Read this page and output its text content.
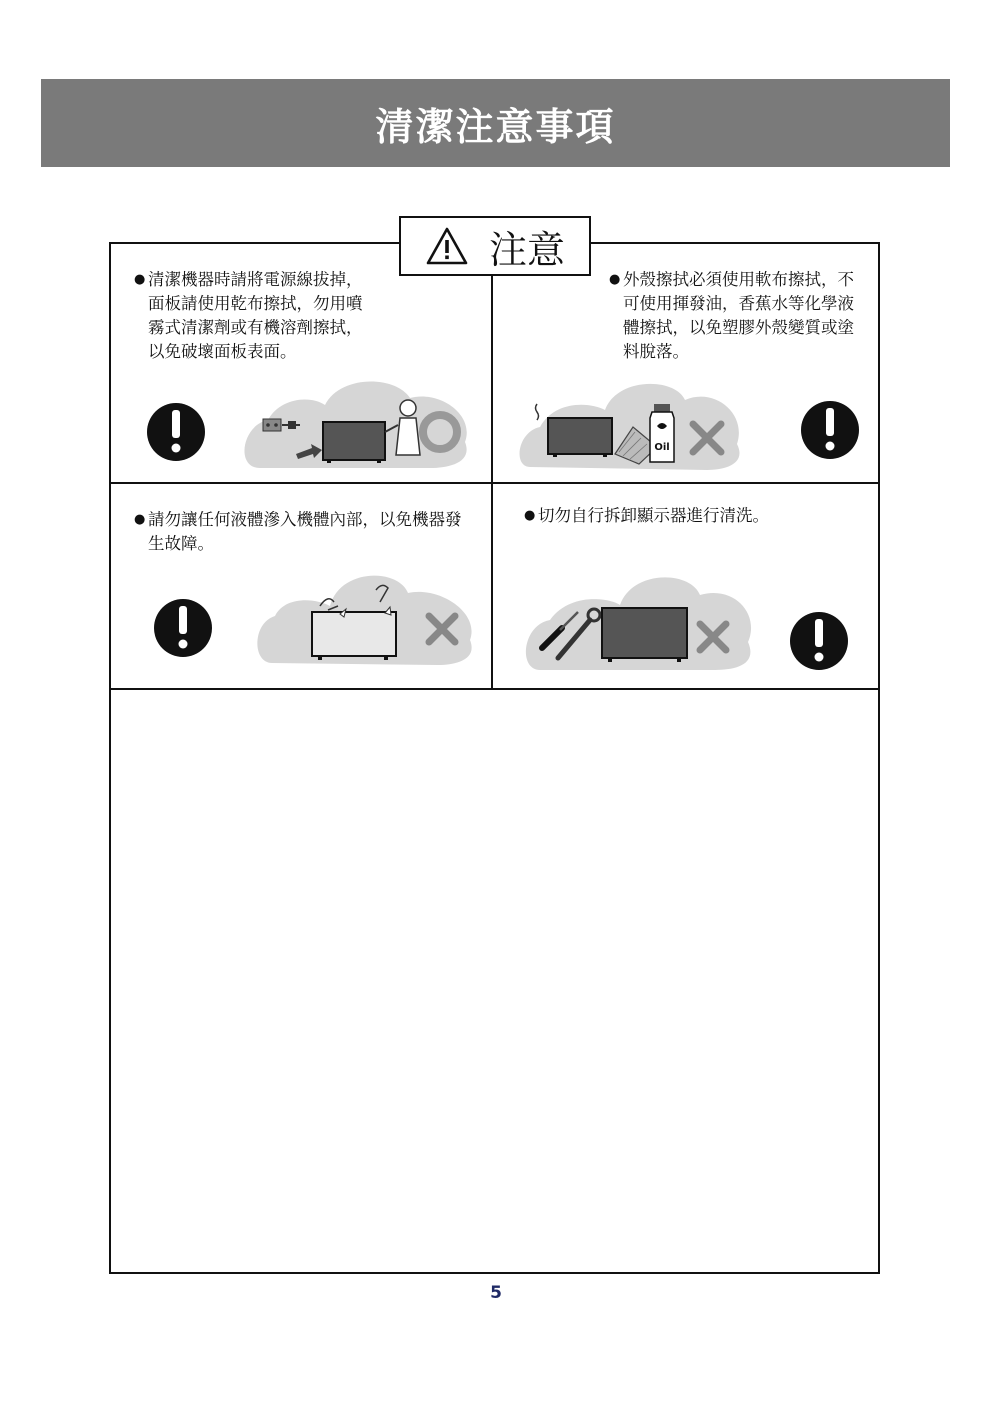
清潔注意事項
注意
● 清潔機器時請將電源線拔掉，

面板請使用乾布擦拭，勿用噴

霧式清潔劑或有機溶劑擦拭，

以免破壞面板表面。

● 外殼擦拭必須使用軟布擦拭，不

可使用揮發油，香蕉水等化學液

體擦拭，以免塑膠外殼變質或塗

料脫落。

● 請勿讓任何液體滲入機體內部，以免機器發

生故障。

● 切勿自行拆卸顯示器進行清洗。

Oil
5
